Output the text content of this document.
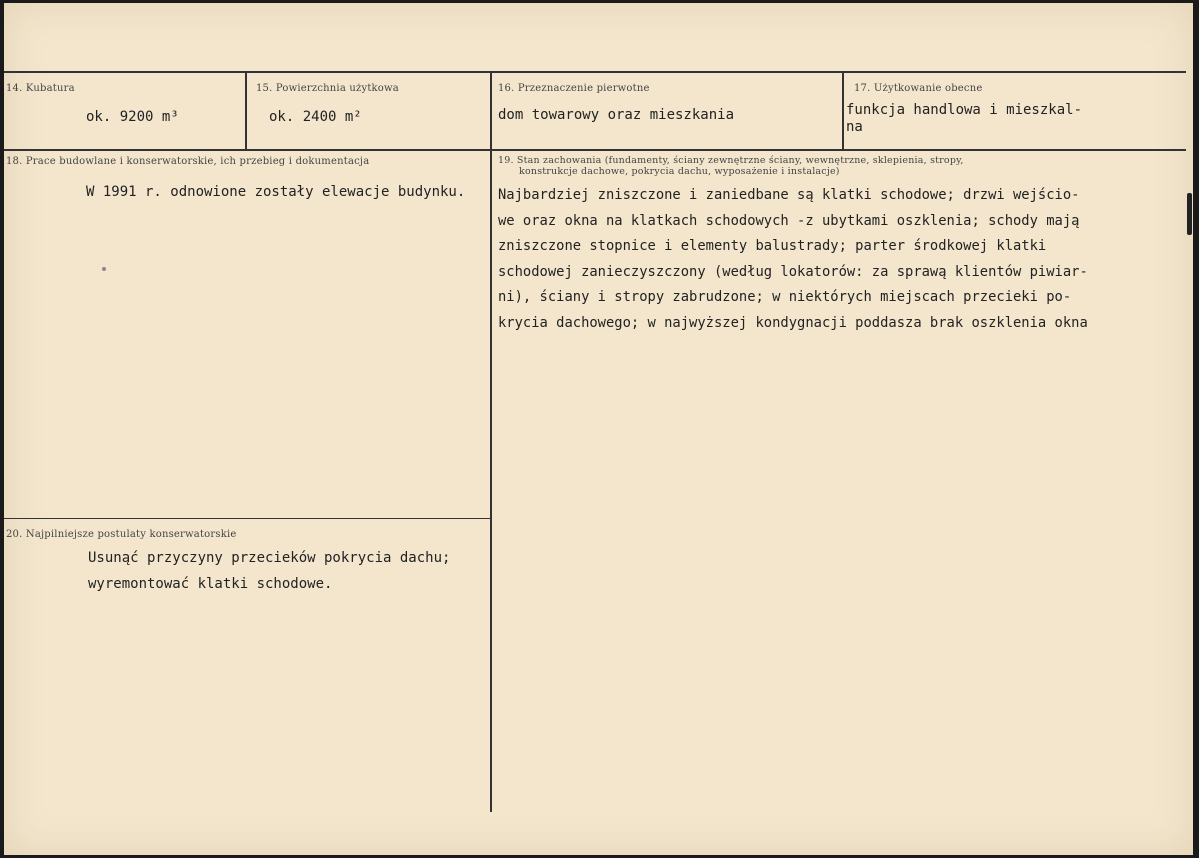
14. Kubatura
ok. 9200 m³
15. Powierzchnia użytkowa
ok. 2400 m²
16. Przeznaczenie pierwotne
dom towarowy oraz mieszkania
17. Użytkowanie obecne
funkcja handlowa i mieszkal-
na
18. Prace budowlane i konserwatorskie, ich przebieg i dokumentacja
W 1991 r. odnowione zostały elewacje budynku.
19. Stan zachowania (fundamenty, ściany zewnętrzne ściany, wewnętrzne, sklepienia, stropy,
konstrukcje dachowe, pokrycia dachu, wyposażenie i instalacje)
Najbardziej zniszczone i zaniedbane są klatki schodowe; drzwi wejścio-
we oraz okna na klatkach schodowych -z ubytkami oszklenia; schody mają
zniszczone stopnice i elementy balustrady; parter środkowej klatki
schodowej zanieczyszczony (według lokatorów: za sprawą klientów piwiar-
ni), ściany i stropy zabrudzone; w niektórych miejscach przecieki po-
krycia dachowego; w najwyższej kondygnacji poddasza brak oszklenia okna
20. Najpilniejsze postulaty konserwatorskie
Usunąć przyczyny przecieków pokrycia dachu;
wyremontować klatki schodowe.
